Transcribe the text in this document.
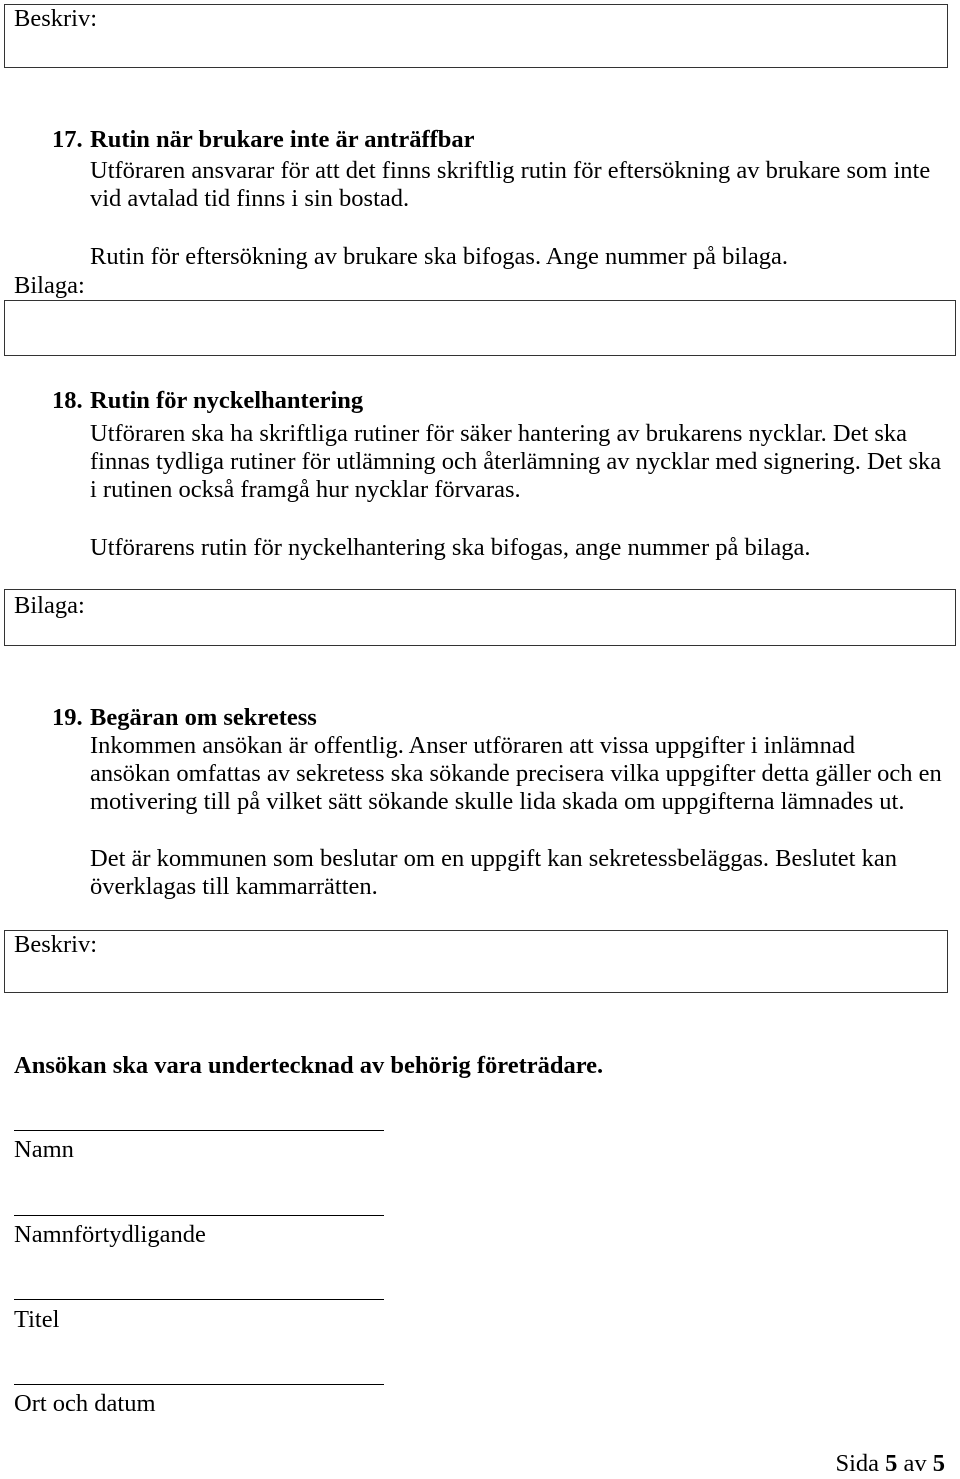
Beskriv:
17. Rutin när brukare inte är anträffbar
Utföraren ansvarar för att det finns skriftlig rutin för eftersökning av brukare som inte
vid avtalad tid finns i sin bostad.
Rutin för eftersökning av brukare ska bifogas. Ange nummer på bilaga.
Bilaga:
18. Rutin för nyckelhantering
Utföraren ska ha skriftliga rutiner för säker hantering av brukarens nycklar. Det ska
finnas tydliga rutiner för utlämning och återlämning av nycklar med signering. Det ska
i rutinen också framgå hur nycklar förvaras.
Utförarens rutin för nyckelhantering ska bifogas, ange nummer på bilaga.
Bilaga:
19. Begäran om sekretess
Inkommen ansökan är offentlig. Anser utföraren att vissa uppgifter i inlämnad
ansökan omfattas av sekretess ska sökande precisera vilka uppgifter detta gäller och en
motivering till på vilket sätt sökande skulle lida skada om uppgifterna lämnades ut.
Det är kommunen som beslutar om en uppgift kan sekretessbeläggas. Beslutet kan
överklagas till kammarrätten.
Beskriv:
Ansökan ska vara undertecknad av behörig företrädare.
Namn
Namnförtydligande
Titel
Ort och datum
Sida 5 av 5
